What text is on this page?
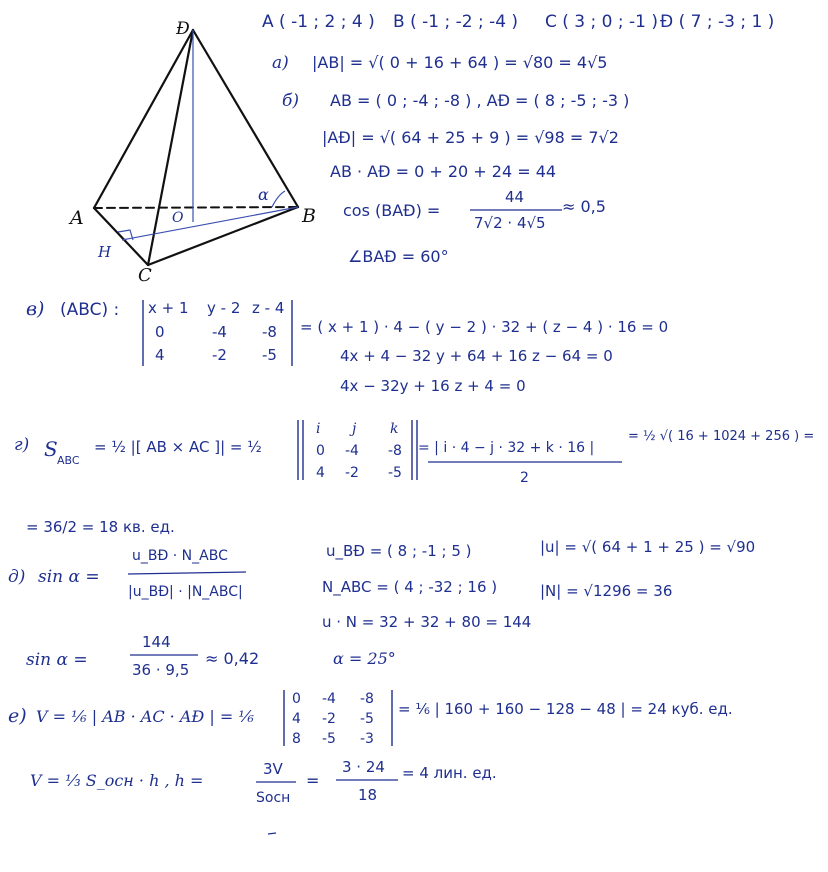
Ð
A	B
C
O
H
α
A ( -1 ; 2 ; 4 ) B ( -1 ; -2 ; -4 ) C ( 3 ; 0 ; -1 ) Ð ( 7 ; -3 ; 1 )
а) |AB| = √( 0 + 16 + 64 ) = √80 = 4√5
б) AB = ( 0 ; -4 ; -8 ) , AÐ = ( 8 ; -5 ; -3 )
|AÐ| = √( 64 + 25 + 9 ) = √98 = 7√2
AB · AÐ = 0 + 20 + 24 = 44
cos (BAÐ) =
44
7√2 · 4√5
≈ 0,5
∠BAÐ = 60°
в) (ABC) : x + 1 y - 2 z - 4
0	-4 -8
4	-2 -5
= ( x + 1 ) · 4 − ( y − 2 ) · 32 + ( z − 4 ) · 16 = 0
4x + 4 − 32 y + 64 + 16 z − 64 = 0
4x − 32y + 16 z + 4 = 0
г) S ABC
= ½ |[ AB × AC ]| = ½
i j k
0 -4 -8
4 -2 -5
= | i · 4 − j · 32 + k · 16 |
2
= ½ √( 16 + 1024 + 256 ) =
= 36/2 = 18 кв. ед.
д) sin α =
u_BÐ · N_ABC
|u_BÐ| · |N_ABC|
u_BÐ = ( 8 ; -1 ; 5 )	|u| = √( 64 + 1 + 25 ) = √90
N_ABC = ( 4 ; -32 ; 16 )	|N| = √1296 = 36
u · N = 32 + 32 + 80 = 144
sin α =
144
36 · 9,5
≈ 0,42	α = 25°
е) V = ⅙ | AB · AC · AÐ | = ⅙
0 -4 -8
4 -2 -5
8 -5 -3
= ⅙ | 160 + 160 − 128 − 48 | = 24 куб. ед.
V = ⅓ S_осн · h , h =
3V
Sосн
=
3 · 24
18
= 4 лин. ед.
